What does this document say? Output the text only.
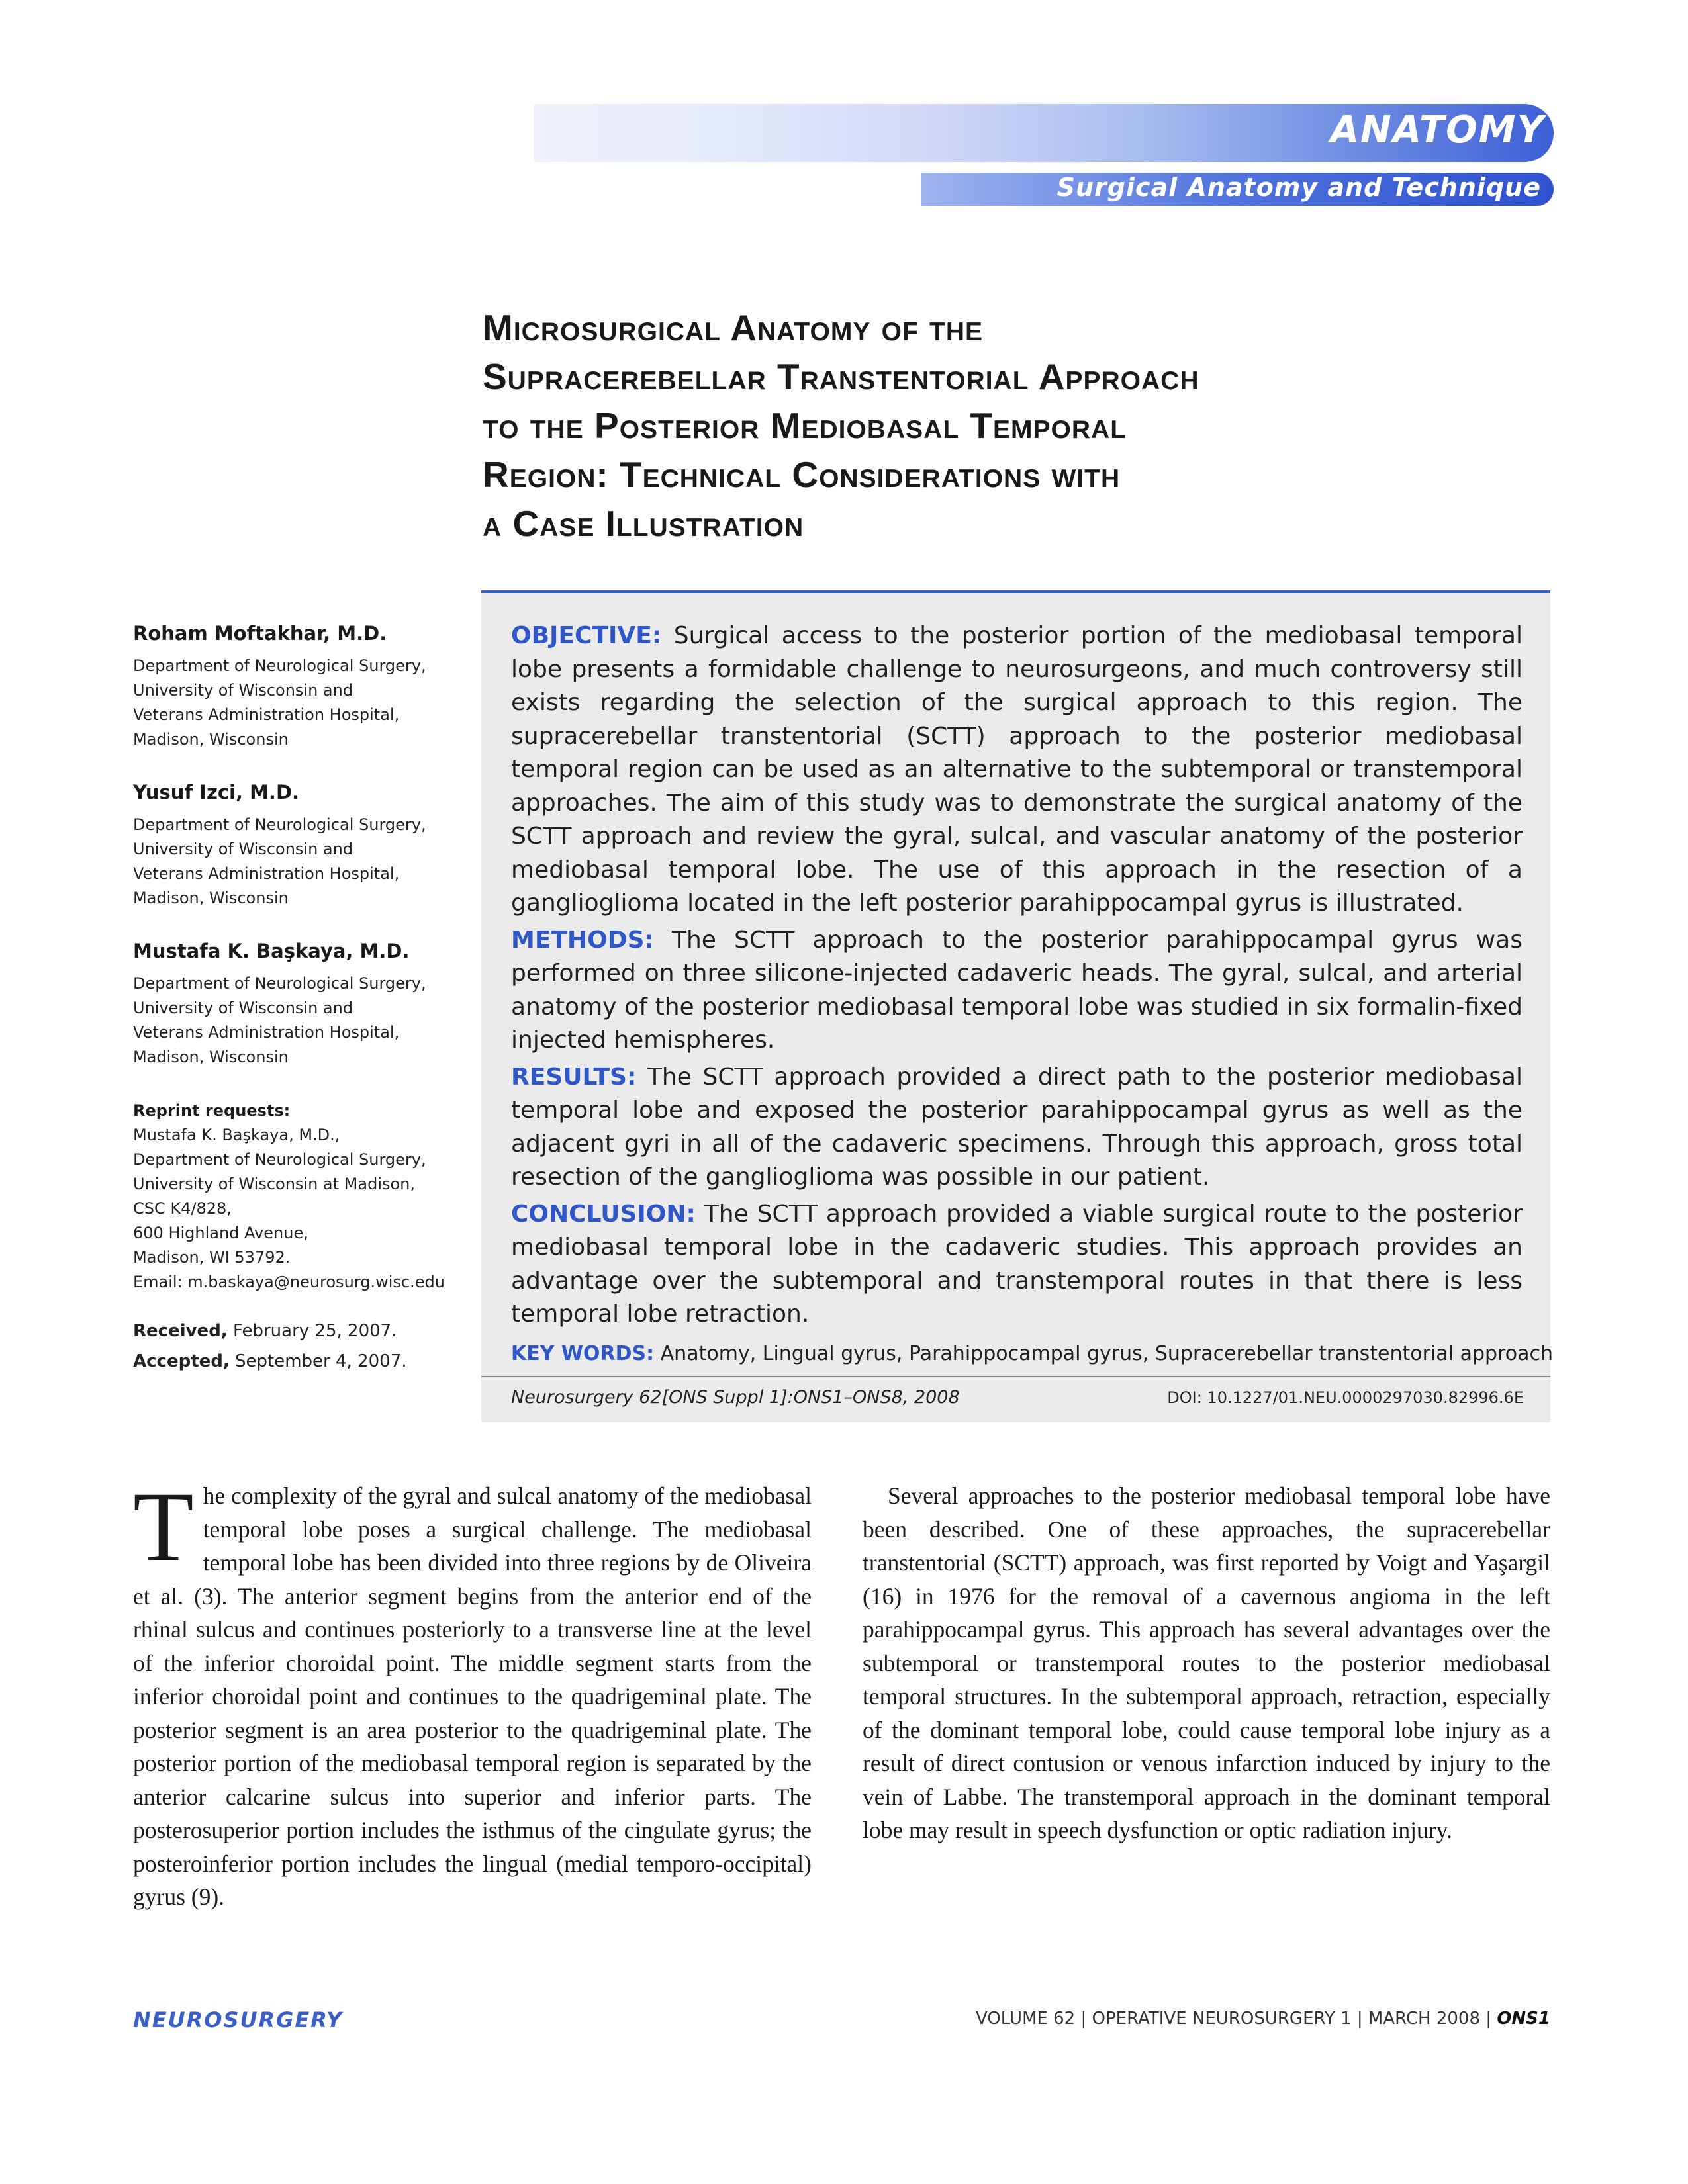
ANATOMY
Surgical Anatomy and Technique
Microsurgical Anatomy of the
Supracerebellar Transtentorial Approach
to the Posterior Mediobasal Temporal
Region: Technical Considerations with
a Case Illustration
Roham Moftakhar, M.D.
Department of Neurological Surgery,
University of Wisconsin and
Veterans Administration Hospital,
Madison, Wisconsin
Yusuf Izci, M.D.
Department of Neurological Surgery,
University of Wisconsin and
Veterans Administration Hospital,
Madison, Wisconsin
Mustafa K. Başkaya, M.D.
Department of Neurological Surgery,
University of Wisconsin and
Veterans Administration Hospital,
Madison, Wisconsin
Reprint requests:
Mustafa K. Başkaya, M.D.,
Department of Neurological Surgery,
University of Wisconsin at Madison,
CSC K4/828,
600 Highland Avenue,
Madison, WI 53792.
Email: m.baskaya@neurosurg.wisc.edu
Received, February 25, 2007.
Accepted, September 4, 2007.

OBJECTIVE: Surgical access to the posterior portion of the mediobasal temporal lobe presents a formidable challenge to neurosurgeons, and much controversy still exists regarding the selection of the surgical approach to this region. The supracerebellar transtentorial (SCTT) approach to the posterior mediobasal temporal region can be used as an alternative to the subtemporal or transtemporal approaches. The aim of this study was to demonstrate the surgical anatomy of the SCTT approach and review the gyral, sulcal, and vascular anatomy of the posterior mediobasal temporal lobe. The use of this approach in the resection of a ganglioglioma located in the left posterior parahippocampal gyrus is illustrated.

METHODS: The SCTT approach to the posterior parahippocampal gyrus was performed on three silicone-injected cadaveric heads. The gyral, sulcal, and arterial anatomy of the posterior mediobasal temporal lobe was studied in six formalin-fixed injected hemispheres.

RESULTS: The SCTT approach provided a direct path to the posterior mediobasal temporal lobe and exposed the posterior parahippocampal gyrus as well as the adjacent gyri in all of the cadaveric specimens. Through this approach, gross total resection of the ganglioglioma was possible in our patient.

CONCLUSION: The SCTT approach provided a viable surgical route to the posterior mediobasal temporal lobe in the cadaveric studies. This approach provides an advantage over the subtemporal and transtemporal routes in that there is less temporal lobe retraction.

KEY WORDS: Anatomy, Lingual gyrus, Parahippocampal gyrus, Supracerebellar transtentorial approach
Neurosurgery 62[ONS Suppl 1]:ONS1–ONS8, 2008	DOI: 10.1227/01.NEU.0000297030.82996.6E
T he complexity of the gyral and sulcal anatomy of the mediobasal temporal lobe poses a surgical challenge. The mediobasal temporal lobe has been divided into three regions by de Oliveira et al. (3). The anterior segment begins from the anterior end of the rhinal sulcus and continues posteriorly to a transverse line at the level of the inferior choroidal point. The middle segment starts from the inferior choroidal point and continues to the quadrigeminal plate. The posterior segment is an area posterior to the quadrigeminal plate. The posterior portion of the mediobasal temporal region is separated by the anterior calcarine sulcus into superior and inferior parts. The posterosuperior portion includes the isthmus of the cingulate gyrus; the posteroinferior portion includes the lingual (medial temporo-occipital) gyrus (9).

Several approaches to the posterior mediobasal temporal lobe have been described. One of these approaches, the supracerebellar transtentorial (SCTT) approach, was first reported by Voigt and Yaşargil (16) in 1976 for the removal of a cavernous angioma in the left parahippocampal gyrus. This approach has several advantages over the subtemporal or transtemporal routes to the posterior mediobasal temporal structures. In the subtemporal approach, retraction, especially of the dominant temporal lobe, could cause temporal lobe injury as a result of direct contusion or venous infarction induced by injury to the vein of Labbe. The transtemporal approach in the dominant temporal lobe may result in speech dysfunction or optic radiation injury.

NEUROSURGERY	VOLUME 62 | OPERATIVE NEUROSURGERY 1 | MARCH 2008 | ONS1
